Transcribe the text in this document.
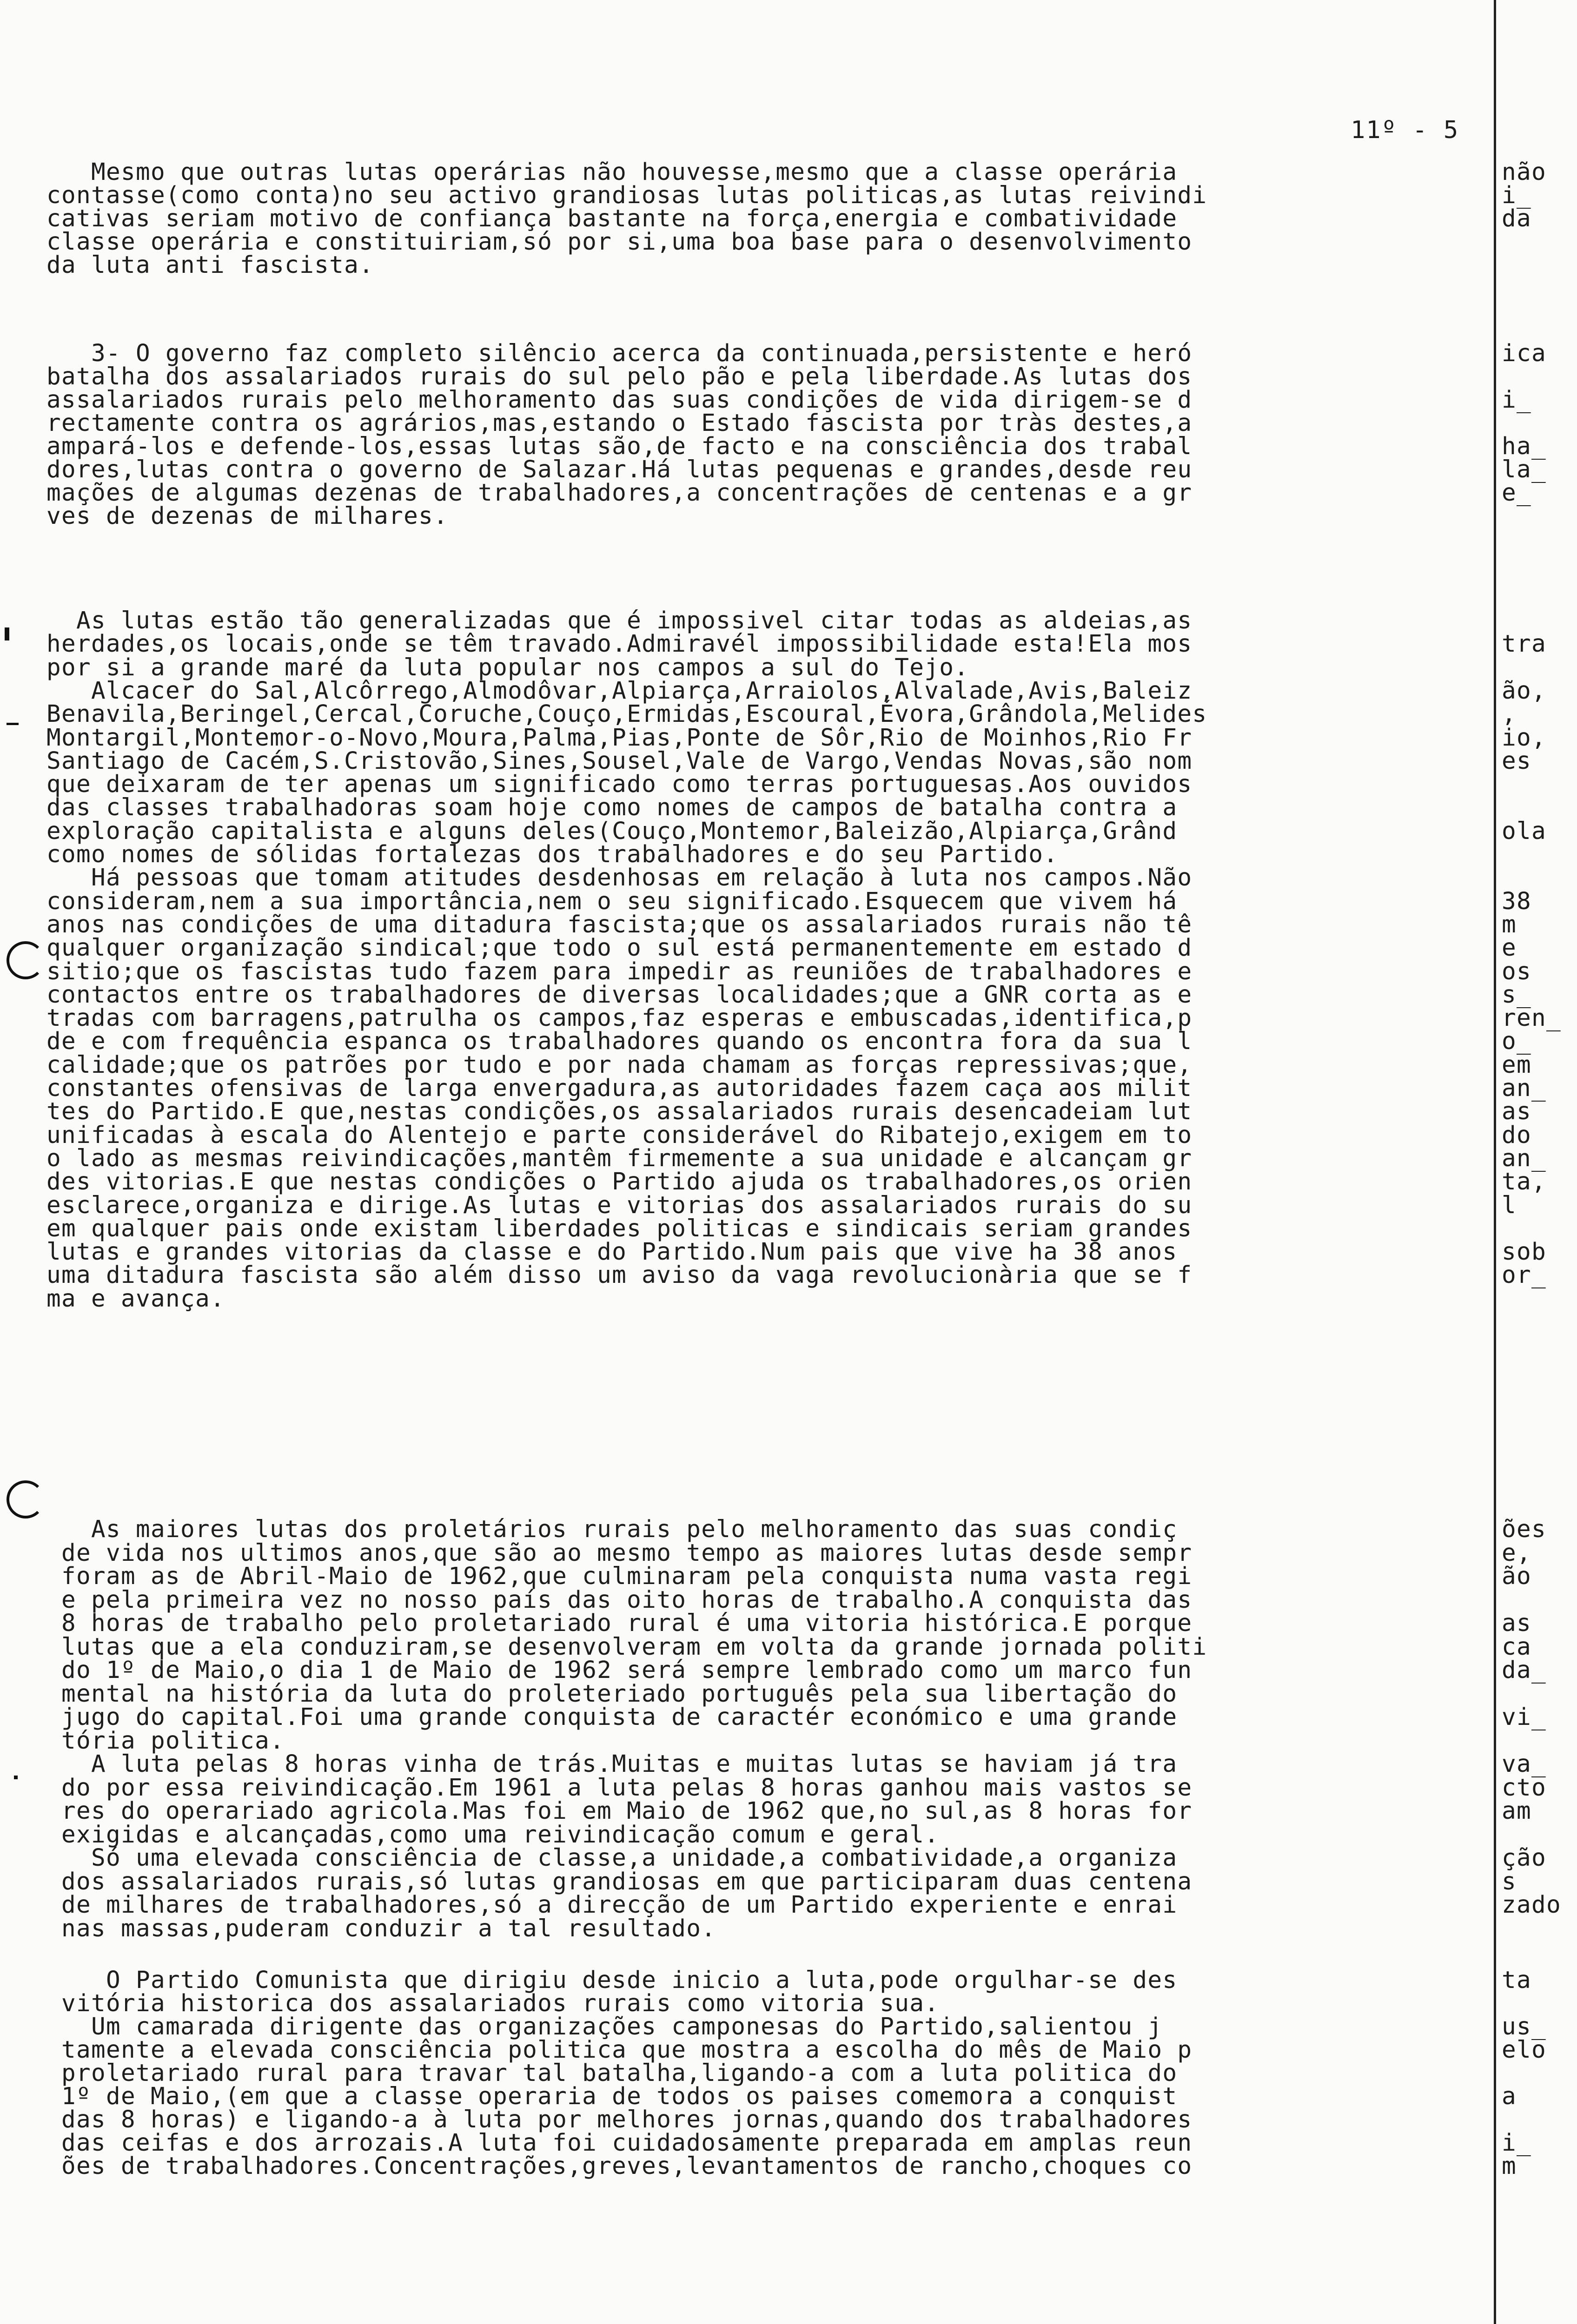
11º - 5
Mesmo que outras lutas operárias não houvesse,mesmo que a classe operária	não
contasse(como conta)no seu activo grandiosas lutas politicas,as lutas reivindi	i_
cativas seriam motivo de confiança bastante na força,energia e combatividade	da
classe operária e constituiriam,só por si,uma boa base para o desenvolvimento
da luta anti fascista.
3- O governo faz completo silêncio acerca da continuada,persistente e heró	ica
batalha dos assalariados rurais do sul pelo pão e pela liberdade.As lutas dos
assalariados rurais pelo melhoramento das suas condições de vida dirigem-se d	i_
rectamente contra os agrários,mas,estando o Estado fascista por tràs destes,a
ampará-los e defende-los,essas lutas são,de facto e na consciência dos trabal	ha_
dores,lutas contra o governo de Salazar.Há lutas pequenas e grandes,desde reu	la_
mações de algumas dezenas de trabalhadores,a concentrações de centenas e a gr	e_
ves de dezenas de milhares.
As lutas estão tão generalizadas que é impossivel citar todas as aldeias,as
herdades,os locais,onde se têm travado.Admiravél impossibilidade esta!Ela mos	tra
por si a grande maré da luta popular nos campos a sul do Tejo.
Alcacer do Sal,Alcôrrego,Almodôvar,Alpiarça,Arraiolos,Alvalade,Avis,Baleiz	ão,
Benavila,Beringel,Cercal,Coruche,Couço,Ermidas,Escoural,Évora,Grândola,Melides	,
Montargil,Montemor-o-Novo,Moura,Palma,Pias,Ponte de Sôr,Rio de Moinhos,Rio Fr	io,
Santiago de Cacém,S.Cristovão,Sines,Sousel,Vale de Vargo,Vendas Novas,são nom	es
que deixaram de ter apenas um significado como terras portuguesas.Aos ouvidos
das classes trabalhadoras soam hoje como nomes de campos de batalha contra a
exploração capitalista e alguns deles(Couço,Montemor,Baleizão,Alpiarça,Grând	ola
como nomes de sólidas fortalezas dos trabalhadores e do seu Partido.
Há pessoas que tomam atitudes desdenhosas em relação à luta nos campos.Não
consideram,nem a sua importância,nem o seu significado.Esquecem que vivem há	38
anos nas condições de uma ditadura fascista;que os assalariados rurais não tê	m
qualquer organização sindical;que todo o sul está permanentemente em estado d	e
sitio;que os fascistas tudo fazem para impedir as reuniões de trabalhadores e	os
contactos entre os trabalhadores de diversas localidades;que a GNR corta as e	s_
tradas com barragens,patrulha os campos,faz esperas e embuscadas,identifica,p	ren_
de e com frequência espanca os trabalhadores quando os encontra fora da sua l	o_
calidade;que os patrões por tudo e por nada chamam as forças repressivas;que,	em
constantes ofensivas de larga envergadura,as autoridades fazem caça aos milit	an_
tes do Partido.E que,nestas condições,os assalariados rurais desencadeiam lut	as
unificadas à escala do Alentejo e parte considerável do Ribatejo,exigem em to	do
o lado as mesmas reivindicações,mantêm firmemente a sua unidade e alcançam gr	an_
des vitorias.E que nestas condições o Partido ajuda os trabalhadores,os orien	ta,
esclarece,organiza e dirige.As lutas e vitorias dos assalariados rurais do su	l
em qualquer pais onde existam liberdades politicas e sindicais seriam grandes
lutas e grandes vitorias da classe e do Partido.Num pais que vive ha 38 anos	sob
uma ditadura fascista são além disso um aviso da vaga revolucionària que se f	or_
ma e avança.
As maiores lutas dos proletários rurais pelo melhoramento das suas condiç	ões
de vida nos ultimos anos,que são ao mesmo tempo as maiores lutas desde sempr	e,
foram as de Abril-Maio de 1962,que culminaram pela conquista numa vasta regi	ão
e pela primeira vez no nosso país das oito horas de trabalho.A conquista das
8 horas de trabalho pelo proletariado rural é uma vitoria histórica.E porque	as
lutas que a ela conduziram,se desenvolveram em volta da grande jornada politi	ca
do 1º de Maio,o dia 1 de Maio de 1962 será sempre lembrado como um marco fun	da_
mental na história da luta do proleteriado português pela sua libertação do
jugo do capital.Foi uma grande conquista de caractér económico e uma grande	vi_
tória politica.
A luta pelas 8 horas vinha de trás.Muitas e muitas lutas se haviam já tra	va_
do por essa reivindicação.Em 1961 a luta pelas 8 horas ganhou mais vastos se	cto
res do operariado agricola.Mas foi em Maio de 1962 que,no sul,as 8 horas for	am
exigidas e alcançadas,como uma reivindicação comum e geral.
Só uma elevada consciência de classe,a unidade,a combatividade,a organiza	ção
dos assalariados rurais,só lutas grandiosas em que participaram duas centena	s
de milhares de trabalhadores,só a direcção de um Partido experiente e enrai	zado
nas massas,puderam conduzir a tal resultado.
O Partido Comunista que dirigiu desde inicio a luta,pode orgulhar-se des	ta
vitória historica dos assalariados rurais como vitoria sua.
Um camarada dirigente das organizações camponesas do Partido,salientou j	us_
tamente a elevada consciência politica que mostra a escolha do mês de Maio p	elo
proletariado rural para travar tal batalha,ligando-a com a luta politica do
1º de Maio,(em que a classe operaria de todos os paises comemora a conquist	a
das 8 horas) e ligando-a à luta por melhores jornas,quando dos trabalhadores
das ceifas e dos arrozais.A luta foi cuidadosamente preparada em amplas reun	i_
ões de trabalhadores.Concentrações,greves,levantamentos de rancho,choques co	m
